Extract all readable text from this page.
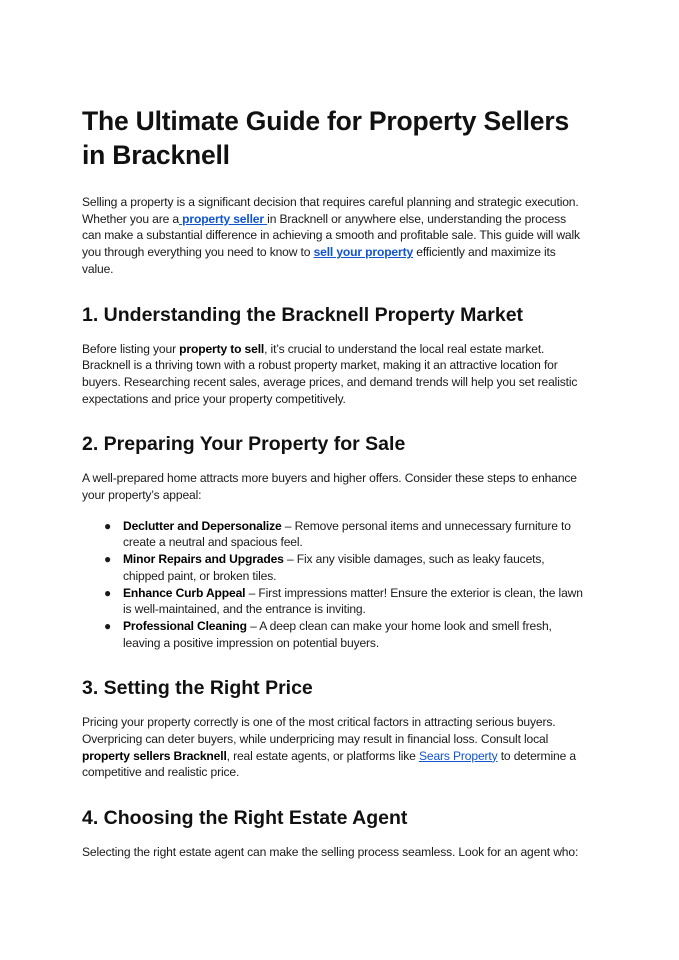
The Ultimate Guide for Property Sellers in Bracknell

Selling a property is a significant decision that requires careful planning and strategic execution. Whether you are a property seller in Bracknell or anywhere else, understanding the process can make a substantial difference in achieving a smooth and profitable sale. This guide will walk you through everything you need to know to sell your property efficiently and maximize its value.

1. Understanding the Bracknell Property Market

Before listing your property to sell, it’s crucial to understand the local real estate market. Bracknell is a thriving town with a robust property market, making it an attractive location for buyers. Researching recent sales, average prices, and demand trends will help you set realistic expectations and price your property competitively.

2. Preparing Your Property for Sale

A well-prepared home attracts more buyers and higher offers. Consider these steps to enhance your property’s appeal:

● Declutter and Depersonalize – Remove personal items and unnecessary furniture to create a neutral and spacious feel.
● Minor Repairs and Upgrades – Fix any visible damages, such as leaky faucets, chipped paint, or broken tiles.
● Enhance Curb Appeal – First impressions matter! Ensure the exterior is clean, the lawn is well-maintained, and the entrance is inviting.
● Professional Cleaning – A deep clean can make your home look and smell fresh, leaving a positive impression on potential buyers.
3. Setting the Right Price

Pricing your property correctly is one of the most critical factors in attracting serious buyers. Overpricing can deter buyers, while underpricing may result in financial loss. Consult local property sellers Bracknell, real estate agents, or platforms like Sears Property to determine a competitive and realistic price.

4. Choosing the Right Estate Agent

Selecting the right estate agent can make the selling process seamless. Look for an agent who:
